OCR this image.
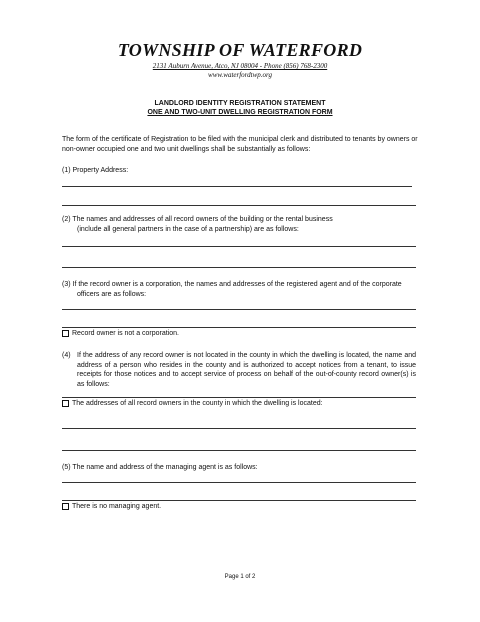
TOWNSHIP OF WATERFORD
2131 Auburn Avenue, Atco, NJ 08004 - Phone (856) 768-2300
www.waterfordtwp.org
LANDLORD IDENTITY REGISTRATION STATEMENT
ONE AND TWO-UNIT DWELLING REGISTRATION FORM
The form of the certificate of Registration to be filed with the municipal clerk and distributed to tenants by owners or non-owner occupied one and two unit dwellings shall be substantially as follows:
(1) Property Address:
(2) The names and addresses of all record owners of the building or the rental business
(include all general partners in the case of a partnership) are as follows:
(3) If the record owner is a corporation, the names and addresses of the registered agent and of the corporate
officers are as follows:
Record owner is not a corporation.
(4) If the address of any record owner is not located in the county in which the dwelling is located, the name and address of a person who resides in the county and is authorized to accept notices from a tenant, to issue receipts for those notices and to accept service of process on behalf of the out-of-county record owner(s) is as follows:
The addresses of all record owners in the county in which the dwelling is located:
(5) The name and address of the managing agent is as follows:
There is no managing agent.
Page 1 of 2
